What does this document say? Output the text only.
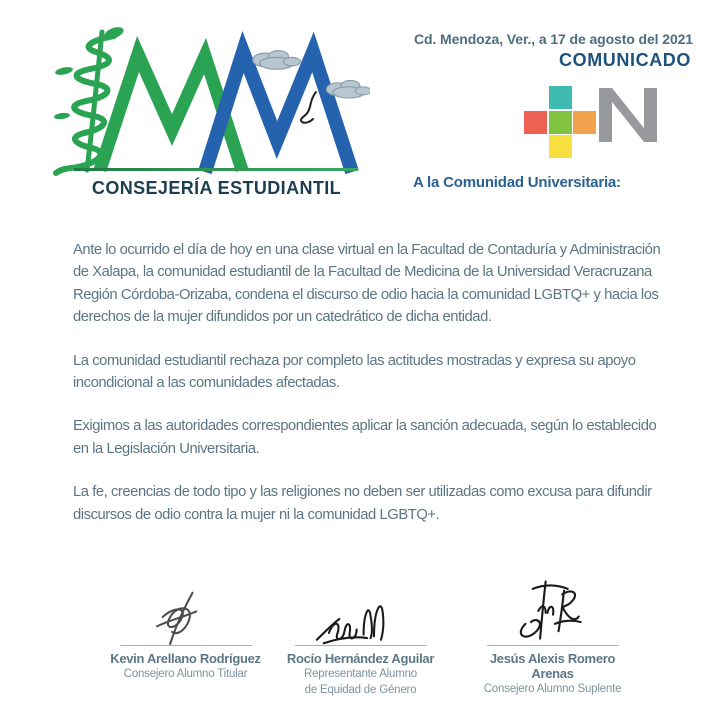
CONSEJERÍA ESTUDIANTIL
Cd. Mendoza, Ver., a 17 de agosto del 2021
COMUNICADO
A la Comunidad Universitaria:

Ante lo ocurrido el día de hoy en una clase virtual en la Facultad de Contaduría y Administración de Xalapa, la comunidad estudiantil de la Facultad de Medicina de la Universidad Veracruzana Región Córdoba-Orizaba, condena el discurso de odio hacia la comunidad LGBTQ+ y hacia los derechos de la mujer difundidos por un catedrático de dicha entidad.

La comunidad estudiantil rechaza por completo las actitudes mostradas y expresa su apoyo incondicional a las comunidades afectadas.

Exigimos a las autoridades correspondientes aplicar la sanción adecuada, según lo establecido en la Legislación Universitaria.

La fe, creencias de todo tipo y las religiones no deben ser utilizadas como excusa para difundir discursos de odio contra la mujer ni la comunidad LGBTQ+.

Kevin Arellano Rodríguez
Consejero Alumno Titular
Rocío Hernández Aguilar
Representante Alumno
de Equidad de Género
Jesús Alexis Romero Arenas
Consejero Alumno Suplente
